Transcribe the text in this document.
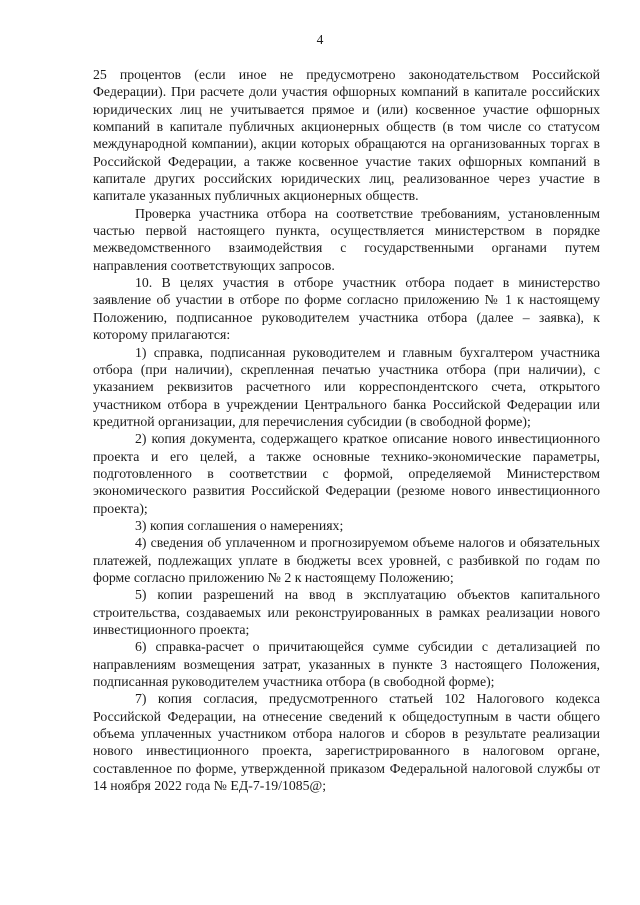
4

25 процентов (если иное не предусмотрено законодательством Российской Федерации). При расчете доли участия офшорных компаний в капитале российских юридических лиц не учитывается прямое и (или) косвенное участие офшорных компаний в капитале публичных акционерных обществ (в том числе со статусом международной компании), акции которых обращаются на организованных торгах в Российской Федерации, а также косвенное участие таких офшорных компаний в капитале других российских юридических лиц, реализованное через участие в капитале указанных публичных акционерных обществ.

Проверка участника отбора на соответствие требованиям, установленным частью первой настоящего пункта, осуществляется министерством в порядке межведомственного взаимодействия с государственными органами путем направления соответствующих запросов.

10. В целях участия в отборе участник отбора подает в министерство заявление об участии в отборе по форме согласно приложению № 1 к настоящему Положению, подписанное руководителем участника отбора (далее – заявка), к которому прилагаются:

1) справка, подписанная руководителем и главным бухгалтером участника отбора (при наличии), скрепленная печатью участника отбора (при наличии), с указанием реквизитов расчетного или корреспондентского счета, открытого участником отбора в учреждении Центрального банка Российской Федерации или кредитной организации, для перечисления субсидии (в свободной форме);

2) копия документа, содержащего краткое описание нового инвестиционного проекта и его целей, а также основные технико-экономические параметры, подготовленного в соответствии с формой, определяемой Министерством экономического развития Российской Федерации (резюме нового инвестиционного проекта);

3) копия соглашения о намерениях;

4) сведения об уплаченном и прогнозируемом объеме налогов и обязательных платежей, подлежащих уплате в бюджеты всех уровней, с разбивкой по годам по форме согласно приложению № 2 к настоящему Положению;

5) копии разрешений на ввод в эксплуатацию объектов капитального строительства, создаваемых или реконструированных в рамках реализации нового инвестиционного проекта;

6) справка-расчет о причитающейся сумме субсидии с детализацией по направлениям возмещения затрат, указанных в пункте 3 настоящего Положения, подписанная руководителем участника отбора (в свободной форме);

7) копия согласия, предусмотренного статьей 102 Налогового кодекса Российской Федерации, на отнесение сведений к общедоступным в части общего объема уплаченных участником отбора налогов и сборов в результате реализации нового инвестиционного проекта, зарегистрированного в налоговом органе, составленное по форме, утвержденной приказом Федеральной налоговой службы от 14 ноября 2022 года № ЕД-7-19/1085@;
